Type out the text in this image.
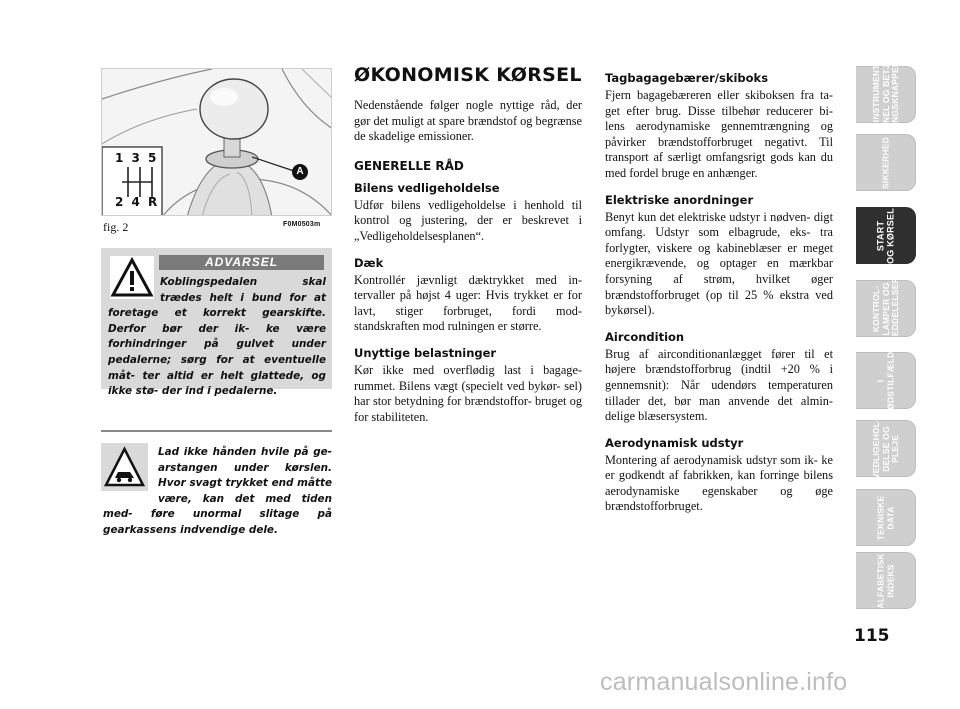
1 3 5
2 4 R
A
fig. 2	F0M0503m
ADVARSEL
Koblingspedalen skal trædes helt i bund for at foretage et korrekt gearskifte. Derfor bør der ik- ke være forhindringer på gulvet under pedalerne; sørg for at eventuelle måt- ter altid er helt glattede, og ikke stø- der ind i pedalerne.
Lad ikke hånden hvile på ge- arstangen under kørslen. Hvor svagt trykket end måtte være, kan det med tiden med- føre unormal slitage på gearkassens indvendige dele.
ØKONOMISK KØRSEL
Nedenstående følger nogle nyttige råd, der gør det muligt at spare brændstof og begrænse de skadelige emissioner.
GENERELLE RÅD
Bilens vedligeholdelse
Udfør bilens vedligeholdelse i henhold til kontrol og justering, der er beskrevet i „Vedligeholdelsesplanen“.
Dæk
Kontrollér jævnligt dæktrykket med in- tervaller på højst 4 uger: Hvis trykket er for lavt, stiger forbruget, fordi mod- standskraften mod rulningen er større.
Unyttige belastninger
Kør ikke med overflødig last i bagage- rummet. Bilens vægt (specielt ved bykør- sel) har stor betydning for brændstoffor- bruget og for stabiliteten.
Tagbagagebærer/skiboks
Fjern bagagebæreren eller skiboksen fra ta- get efter brug. Disse tilbehør reducerer bi- lens aerodynamiske gennemtrængning og påvirker brændstofforbruget negativt. Til transport af særligt omfangsrigt gods kan du med fordel bruge en anhænger.
Elektriske anordninger
Benyt kun det elektriske udstyr i nødven- digt omfang. Udstyr som elbagrude, eks- tra forlygter, viskere og kabineblæser er meget energikrævende, og optager en mærkbar forsyning af strøm, hvilket øger brændstofforbruget (op til 25 % ekstra ved bykørsel).
Aircondition
Brug af airconditionanlægget fører til et højere brændstofforbrug (indtil +20 % i gennemsnit): Når udendørs temperaturen tillader det, bør man anvende det almin- delige blæsersystem.
Aerodynamisk udstyr
Montering af aerodynamisk udstyr som ik- ke er godkendt af fabrikken, kan forringe bilens aerodynamiske egenskaber og øge brændstofforbruget.
PINSTRUMENT-
PANEL OG BETJE-
NINGSKNAPPERI
SIKKERHED
START
OG KØRSEL
KONTROL-
LAMPER OG
MEDDELELSERI
I
NØDSTILFÆLDE
VEDLIGEHOL-
DELSE OG
PLEJE
TEKNISKE
DATA
ALFABETISK
INDEKS
115
carmanualsonline.info
